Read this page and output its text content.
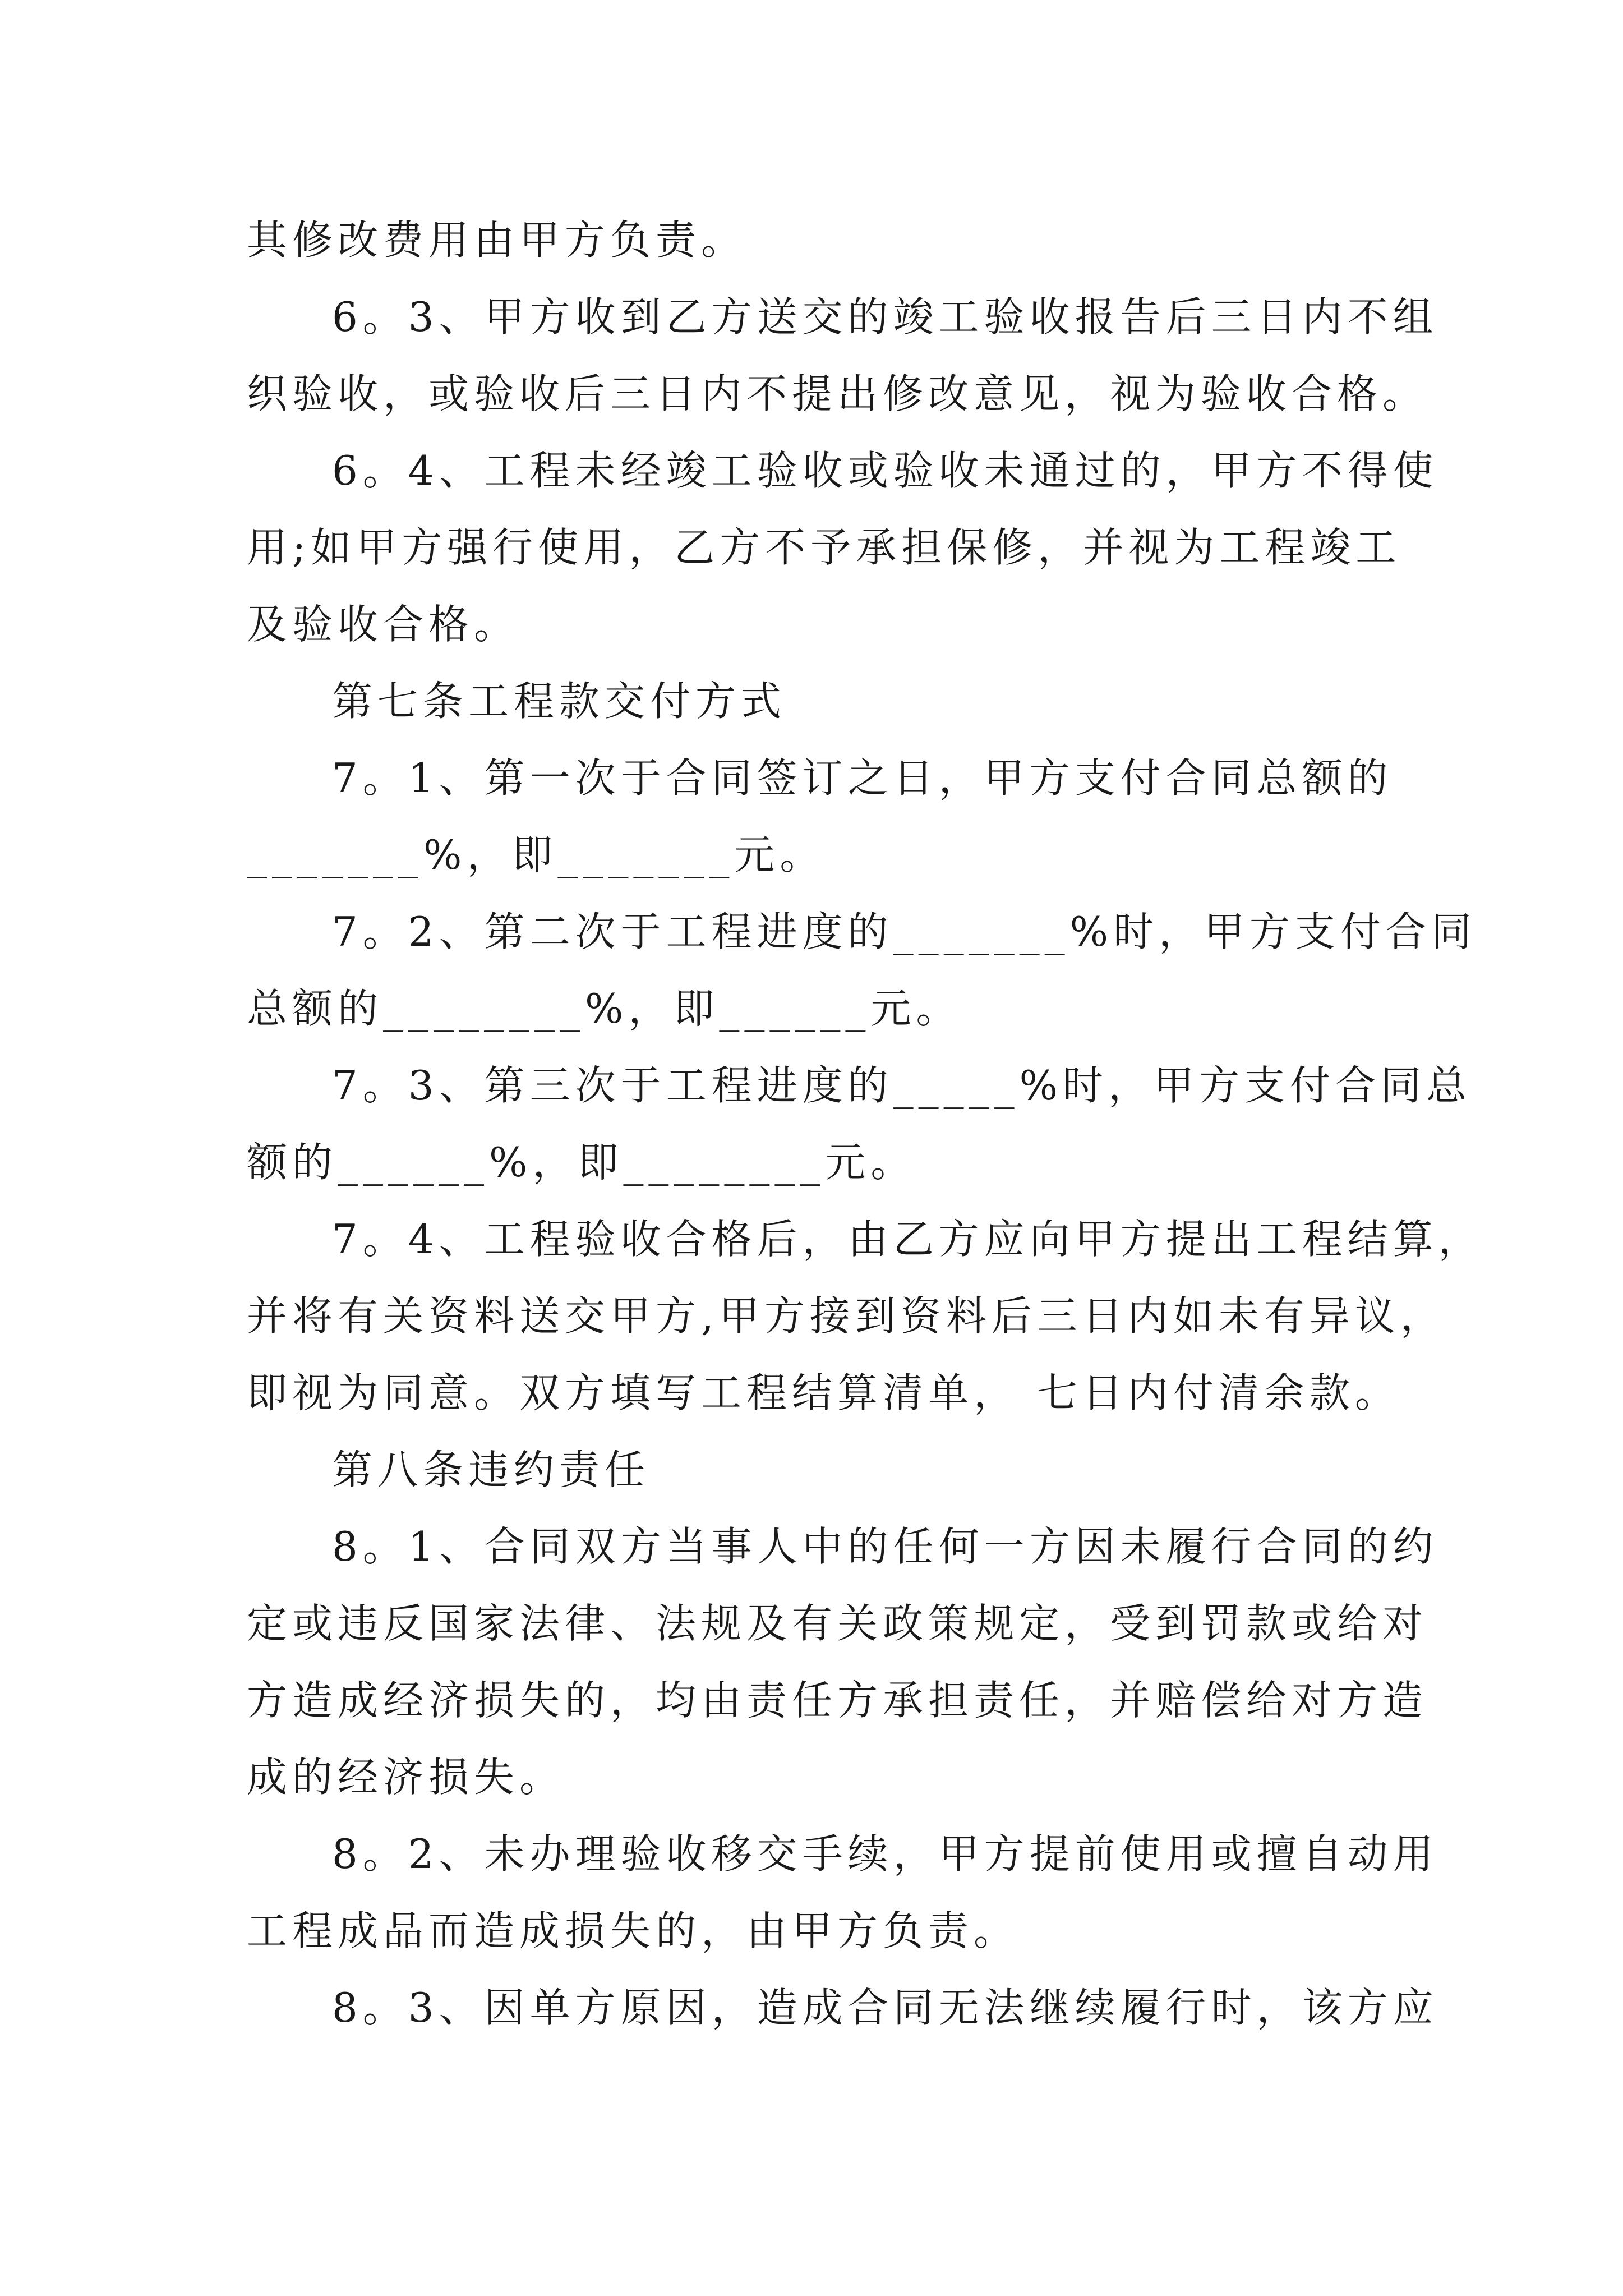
其修改费用由甲方负责。
6。3、甲方收到乙方送交的竣工验收报告后三日内不组
织验收，或验收后三日内不提出修改意见，视为验收合格。
6。4、工程未经竣工验收或验收未通过的，甲方不得使
用;如甲方强行使用，乙方不予承担保修，并视为工程竣工
及验收合格。
第七条工程款交付方式
7。1、第一次于合同签订之日，甲方支付合同总额的
_______%，即_______元。
7。2、第二次于工程进度的_______%时，甲方支付合同
总额的________%，即______元。
7。3、第三次于工程进度的_____%时，甲方支付合同总
额的______%，即________元。
7。4、工程验收合格后，由乙方应向甲方提出工程结算，
并将有关资料送交甲方,甲方接到资料后三日内如未有异议，
即视为同意。双方填写工程结算清单， 七日内付清余款。
第八条违约责任
8。1、合同双方当事人中的任何一方因未履行合同的约
定或违反国家法律、法规及有关政策规定，受到罚款或给对
方造成经济损失的，均由责任方承担责任，并赔偿给对方造
成的经济损失。
8。2、未办理验收移交手续，甲方提前使用或擅自动用
工程成品而造成损失的，由甲方负责。
8。3、因单方原因，造成合同无法继续履行时，该方应
